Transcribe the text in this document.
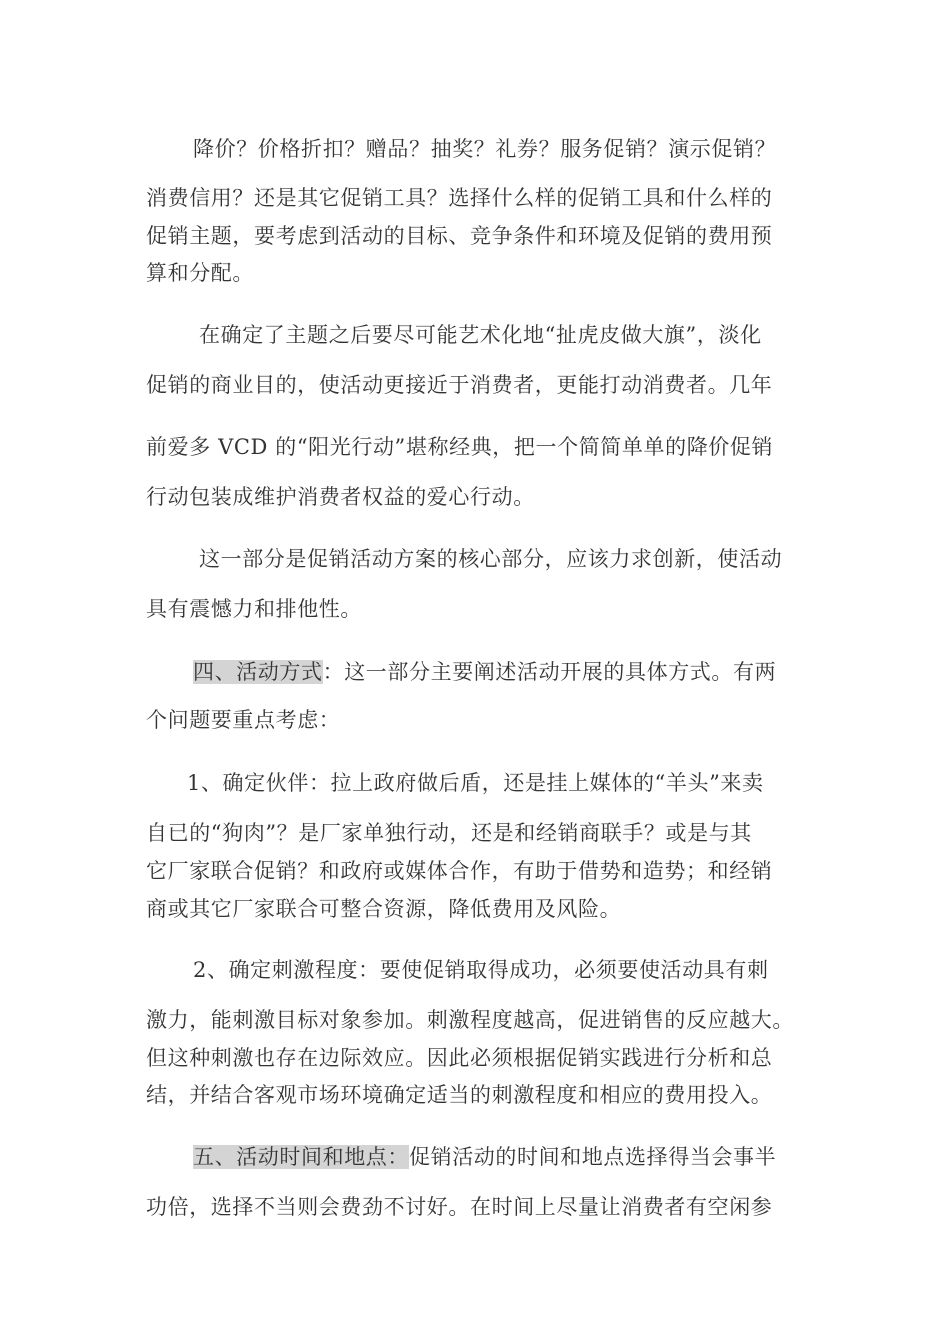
降价？价格折扣？赠品？抽奖？礼券？服务促销？演示促销？
消费信用？还是其它促销工具？选择什么样的促销工具和什么样的
促销主题，要考虑到活动的目标、竞争条件和环境及促销的费用预
算和分配。
在确定了主题之后要尽可能艺术化地“扯虎皮做大旗”，淡化
促销的商业目的，使活动更接近于消费者，更能打动消费者。几年
前爱多 VCD 的“阳光行动”堪称经典，把一个简简单单的降价促销
行动包装成维护消费者权益的爱心行动。
这一部分是促销活动方案的核心部分，应该力求创新，使活动
具有震憾力和排他性。
四、活动方式：这一部分主要阐述活动开展的具体方式。有两
个问题要重点考虑：
1、确定伙伴：拉上政府做后盾，还是挂上媒体的“羊头”来卖
自已的“狗肉”？是厂家单独行动，还是和经销商联手？或是与其
它厂家联合促销？和政府或媒体合作，有助于借势和造势；和经销
商或其它厂家联合可整合资源，降低费用及风险。
2、确定刺激程度：要使促销取得成功，必须要使活动具有刺
激力，能刺激目标对象参加。刺激程度越高，促进销售的反应越大。
但这种刺激也存在边际效应。因此必须根据促销实践进行分析和总
结，并结合客观市场环境确定适当的刺激程度和相应的费用投入。
五、活动时间和地点：促销活动的时间和地点选择得当会事半
功倍，选择不当则会费劲不讨好。在时间上尽量让消费者有空闲参
